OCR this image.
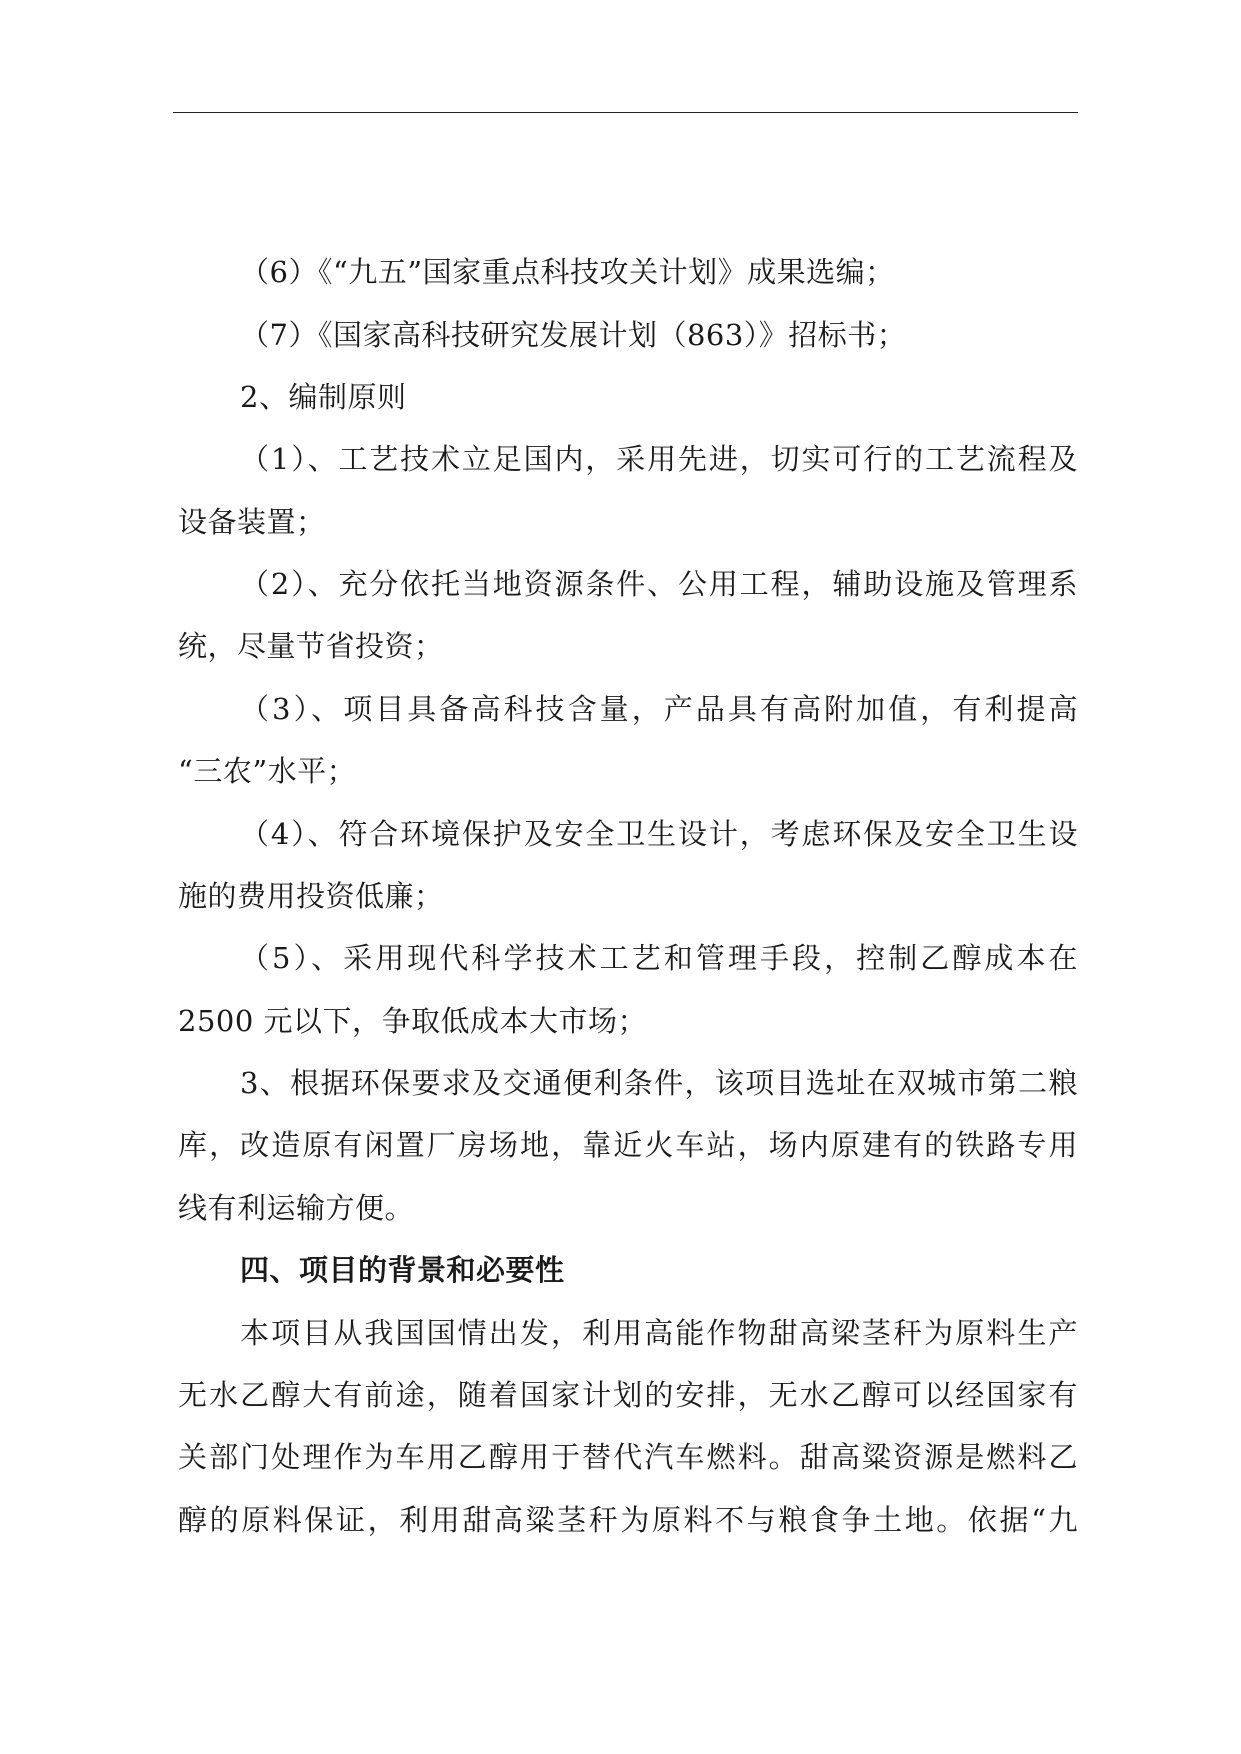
（6）《“九五”国家重点科技攻关计划》成果选编；
（7）《国家高科技研究发展计划（863）》招标书；
2、编制原则
（1）、工艺技术立足国内，采用先进，切实可行的工艺流程及
设备装置；
（2）、充分依托当地资源条件、公用工程，辅助设施及管理系
统，尽量节省投资；
（3）、项目具备高科技含量，产品具有高附加值，有利提高
“三农”水平；
（4）、符合环境保护及安全卫生设计，考虑环保及安全卫生设
施的费用投资低廉；
（5）、采用现代科学技术工艺和管理手段，控制乙醇成本在
2500 元以下，争取低成本大市场；
3、根据环保要求及交通便利条件，该项目选址在双城市第二粮
库，改造原有闲置厂房场地，靠近火车站，场内原建有的铁路专用
线有利运输方便。
四、项目的背景和必要性
本项目从我国国情出发，利用高能作物甜高梁茎秆为原料生产
无水乙醇大有前途，随着国家计划的安排，无水乙醇可以经国家有
关部门处理作为车用乙醇用于替代汽车燃料。甜高粱资源是燃料乙
醇的原料保证，利用甜高粱茎秆为原料不与粮食争土地。依据“九
